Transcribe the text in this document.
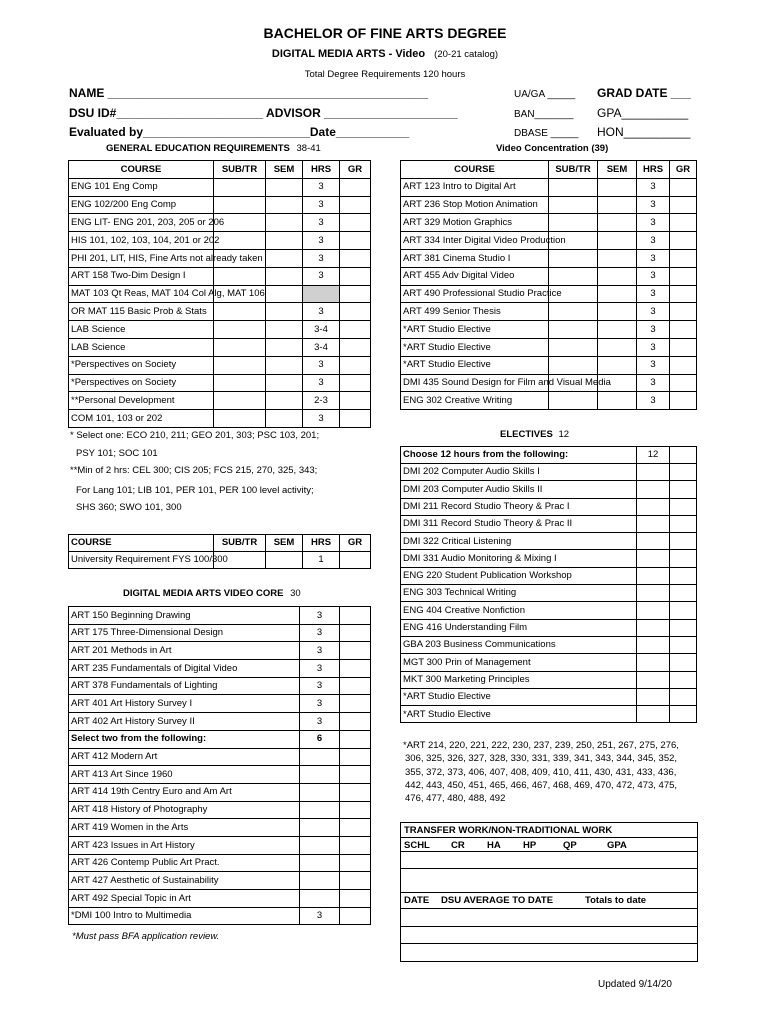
BACHELOR OF FINE ARTS DEGREE
DIGITAL MEDIA ARTS - Video (20-21 catalog)
Total Degree Requirements 120 hours
NAME ________________________________________________
DSU ID#______________________ ADVISOR ____________________
Evaluated by_________________________Date___________
UA/GA _____
BAN_______
DBASE _____
GRAD DATE ___
GPA__________
HON__________
GENERAL EDUCATION REQUIREMENTS 38-41
COURSE	SUB/TR	SEM	HRS	GR
ENG 101 Eng Comp			3	
ENG 102/200 Eng Comp			3	
ENG LIT- ENG 201, 203, 205 or 206			3	
HIS 101, 102, 103, 104, 201 or 202			3	
PHI 201, LIT, HIS, Fine Arts not already taken			3	
ART 158 Two-Dim Design I			3	
MAT 103 Qt Reas, MAT 104 Col Alg, MAT 106				
OR MAT 115 Basic Prob & Stats			3	
LAB Science			3-4	
LAB Science			3-4	
*Perspectives on Society			3	
*Perspectives on Society			3	
**Personal Development			2-3	
COM 101, 103 or 202			3	
* Select one: ECO 210, 211; GEO 201, 303; PSC 103, 201;
PSY 101; SOC 101
**Min of 2 hrs: CEL 300; CIS 205; FCS 215, 270, 325, 343;
For Lang 101; LIB 101, PER 101, PER 100 level activity;
SHS 360; SWO 101, 300
COURSE	SUB/TR	SEM	HRS	GR
University Requirement FYS 100/300			1	
DIGITAL MEDIA ARTS VIDEO CORE 30
ART 150 Beginning Drawing	3	
ART 175 Three-Dimensional Design	3	
ART 201 Methods in Art	3	
ART 235 Fundamentals of Digital Video	3	
ART 378 Fundamentals of Lighting	3	
ART 401 Art History Survey I	3	
ART 402 Art History Survey II	3	
Select two from the following:	6	
ART 412 Modern Art		
ART 413 Art Since 1960		
ART 414 19th Centry Euro and Am Art		
ART 418 History of Photography		
ART 419 Women in the Arts		
ART 423 Issues in Art History		
ART 426 Contemp Public Art Pract.		
ART 427 Aesthetic of Sustainability		
ART 492 Special Topic in Art		
*DMI 100 Intro to Multimedia	3	
*Must pass BFA application review.
Video Concentration (39)
COURSE	SUB/TR	SEM	HRS	GR
ART 123 Intro to Digital Art			3	
ART 236 Stop Motion Animation			3	
ART 329 Motion Graphics			3	
ART 334 Inter Digital Video Production			3	
ART 381 Cinema Studio I			3	
ART 455 Adv Digital Video			3	
ART 490 Professional Studio Practice			3	
ART 499 Senior Thesis			3	
*ART Studio Elective			3	
*ART Studio Elective			3	
*ART Studio Elective			3	
DMI 435 Sound Design for Film and Visual Media			3	
ENG 302 Creative Writing			3	
ELECTIVES 12
Choose 12 hours from the following:	12	
DMI 202 Computer Audio Skills I		
DMI 203 Computer Audio Skills II		
DMI 211 Record Studio Theory & Prac I		
DMI 311 Record Studio Theory & Prac II		
DMI 322 Critical Listening		
DMI 331 Audio Monitoring & Mixing I		
ENG 220 Student Publication Workshop		
ENG 303 Technical Writing		
ENG 404 Creative Nonfiction		
ENG 416 Understanding Film		
GBA 203 Business Communications		
MGT 300 Prin of Management		
MKT 300 Marketing Principles		
*ART Studio Elective		
*ART Studio Elective		
*ART 214, 220, 221, 222, 230, 237, 239, 250, 251, 267, 275, 276,
306, 325, 326, 327, 328, 330, 331, 339, 341, 343, 344, 345, 352,
355, 372, 373, 406, 407, 408, 409, 410, 411, 430, 431, 433, 436,
442, 443, 450, 451, 465, 466, 467, 468, 469, 470, 472, 473, 475,
476, 477, 480, 488, 492
TRANSFER WORK/NON-TRADITIONAL WORK
SCHL CR HA HP	QP	GPA
DATE DSU AVERAGE TO DATE	Totals to date
Updated 9/14/20
